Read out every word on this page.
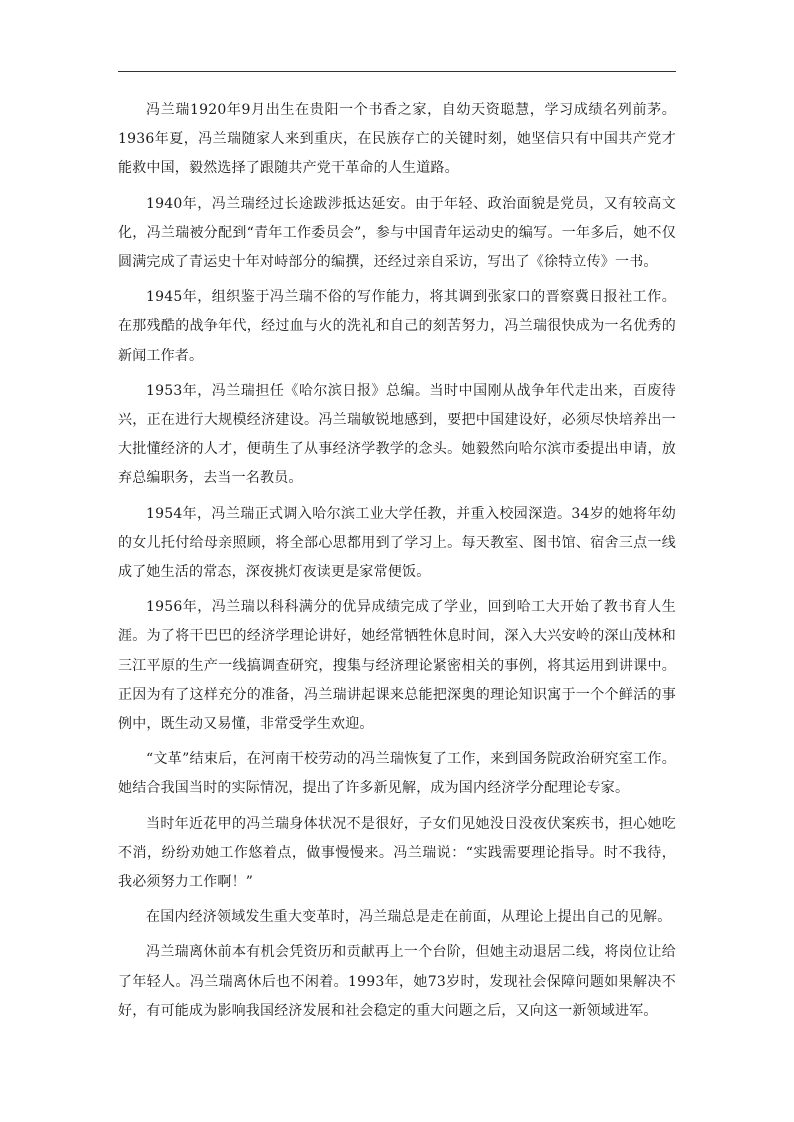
冯兰瑞1920年9月出生在贵阳一个书香之家，自幼天资聪慧，学习成绩名列前茅。1936年夏，冯兰瑞随家人来到重庆，在民族存亡的关键时刻，她坚信只有中国共产党才能救中国，毅然选择了跟随共产党干革命的人生道路。

1940年，冯兰瑞经过长途跋涉抵达延安。由于年轻、政治面貌是党员，又有较高文化，冯兰瑞被分配到“青年工作委员会”，参与中国青年运动史的编写。一年多后，她不仅圆满完成了青运史十年对峙部分的编撰，还经过亲自采访，写出了《徐特立传》一书。

1945年，组织鉴于冯兰瑞不俗的写作能力，将其调到张家口的晋察冀日报社工作。在那残酷的战争年代，经过血与火的洗礼和自己的刻苦努力，冯兰瑞很快成为一名优秀的新闻工作者。

1953年，冯兰瑞担任《哈尔滨日报》总编。当时中国刚从战争年代走出来，百废待兴，正在进行大规模经济建设。冯兰瑞敏锐地感到，要把中国建设好，必须尽快培养出一大批懂经济的人才，便萌生了从事经济学教学的念头。她毅然向哈尔滨市委提出申请，放弃总编职务，去当一名教员。

1954年，冯兰瑞正式调入哈尔滨工业大学任教，并重入校园深造。34岁的她将年幼的女儿托付给母亲照顾，将全部心思都用到了学习上。每天教室、图书馆、宿舍三点一线成了她生活的常态，深夜挑灯夜读更是家常便饭。

1956年，冯兰瑞以科科满分的优异成绩完成了学业，回到哈工大开始了教书育人生涯。为了将干巴巴的经济学理论讲好，她经常牺牲休息时间，深入大兴安岭的深山茂林和三江平原的生产一线搞调查研究，搜集与经济理论紧密相关的事例，将其运用到讲课中。正因为有了这样充分的准备，冯兰瑞讲起课来总能把深奥的理论知识寓于一个个鲜活的事例中，既生动又易懂，非常受学生欢迎。

“文革”结束后，在河南干校劳动的冯兰瑞恢复了工作，来到国务院政治研究室工作。她结合我国当时的实际情况，提出了许多新见解，成为国内经济学分配理论专家。

当时年近花甲的冯兰瑞身体状况不是很好，子女们见她没日没夜伏案疾书，担心她吃不消，纷纷劝她工作悠着点，做事慢慢来。冯兰瑞说：“实践需要理论指导。时不我待，我必须努力工作啊！”

在国内经济领域发生重大变革时，冯兰瑞总是走在前面，从理论上提出自己的见解。

冯兰瑞离休前本有机会凭资历和贡献再上一个台阶，但她主动退居二线，将岗位让给了年轻人。冯兰瑞离休后也不闲着。1993年，她73岁时，发现社会保障问题如果解决不好，有可能成为影响我国经济发展和社会稳定的重大问题之后，又向这一新领域进军。
